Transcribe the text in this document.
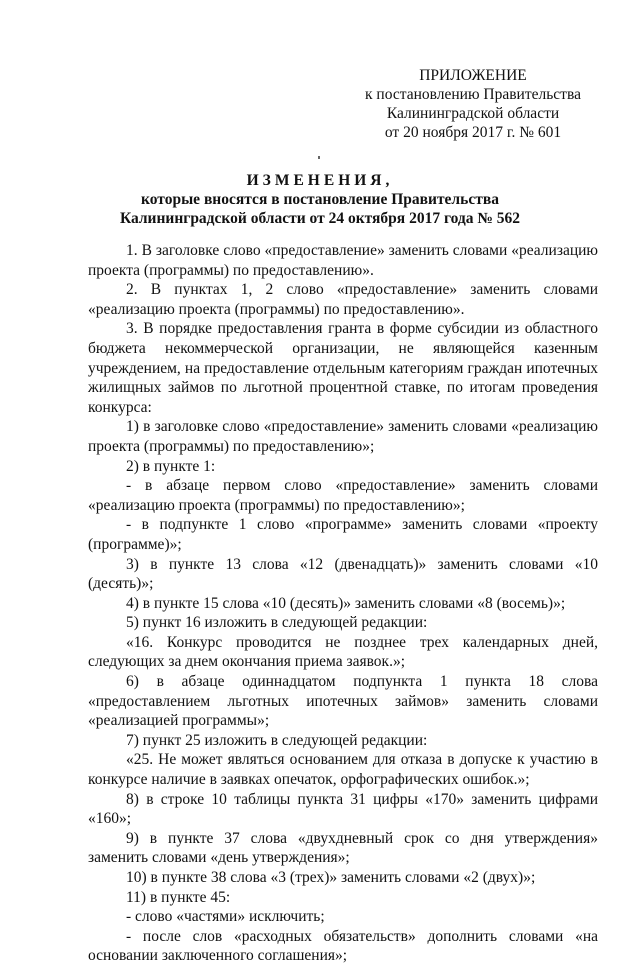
ПРИЛОЖЕНИЕ
к постановлению Правительства
Калининградской области
от 20 ноября 2017 г. № 601
ИЗМЕНЕНИЯ,
которые вносятся в постановление Правительства
Калининградской области от 24 октября 2017 года № 562

1. В заголовке слово «предоставление» заменить словами «реализацию проекта (программы) по предоставлению».

2. В пунктах 1, 2 слово «предоставление» заменить словами «реализацию проекта (программы) по предоставлению».

3. В порядке предоставления гранта в форме субсидии из областного бюджета некоммерческой организации, не являющейся казенным учреждением, на предоставление отдельным категориям граждан ипотечных жилищных займов по льготной процентной ставке, по итогам проведения конкурса:

1) в заголовке слово «предоставление» заменить словами «реализацию проекта (программы) по предоставлению»;

2) в пункте 1:

- в абзаце первом слово «предоставление» заменить словами «реализацию проекта (программы) по предоставлению»;

- в подпункте 1 слово «программе» заменить словами «проекту (программе)»;

3) в пункте 13 слова «12 (двенадцать)» заменить словами «10 (десять)»;

4) в пункте 15 слова «10 (десять)» заменить словами «8 (восемь)»;

5) пункт 16 изложить в следующей редакции:

«16. Конкурс проводится не позднее трех календарных дней, следующих за днем окончания приема заявок.»;

6) в абзаце одиннадцатом подпункта 1 пункта 18 слова «предоставлением льготных ипотечных займов» заменить словами «реализацией программы»;

7) пункт 25 изложить в следующей редакции:

«25. Не может являться основанием для отказа в допуске к участию в конкурсе наличие в заявках опечаток, орфографических ошибок.»;

8) в строке 10 таблицы пункта 31 цифры «170» заменить цифрами «160»;

9) в пункте 37 слова «двухдневный срок со дня утверждения» заменить словами «день утверждения»;

10) в пункте 38 слова «3 (трех)» заменить словами «2 (двух)»;

11) в пункте 45:

- слово «частями» исключить;

- после слов «расходных обязательств» дополнить словами «на основании заключенного соглашения»;
